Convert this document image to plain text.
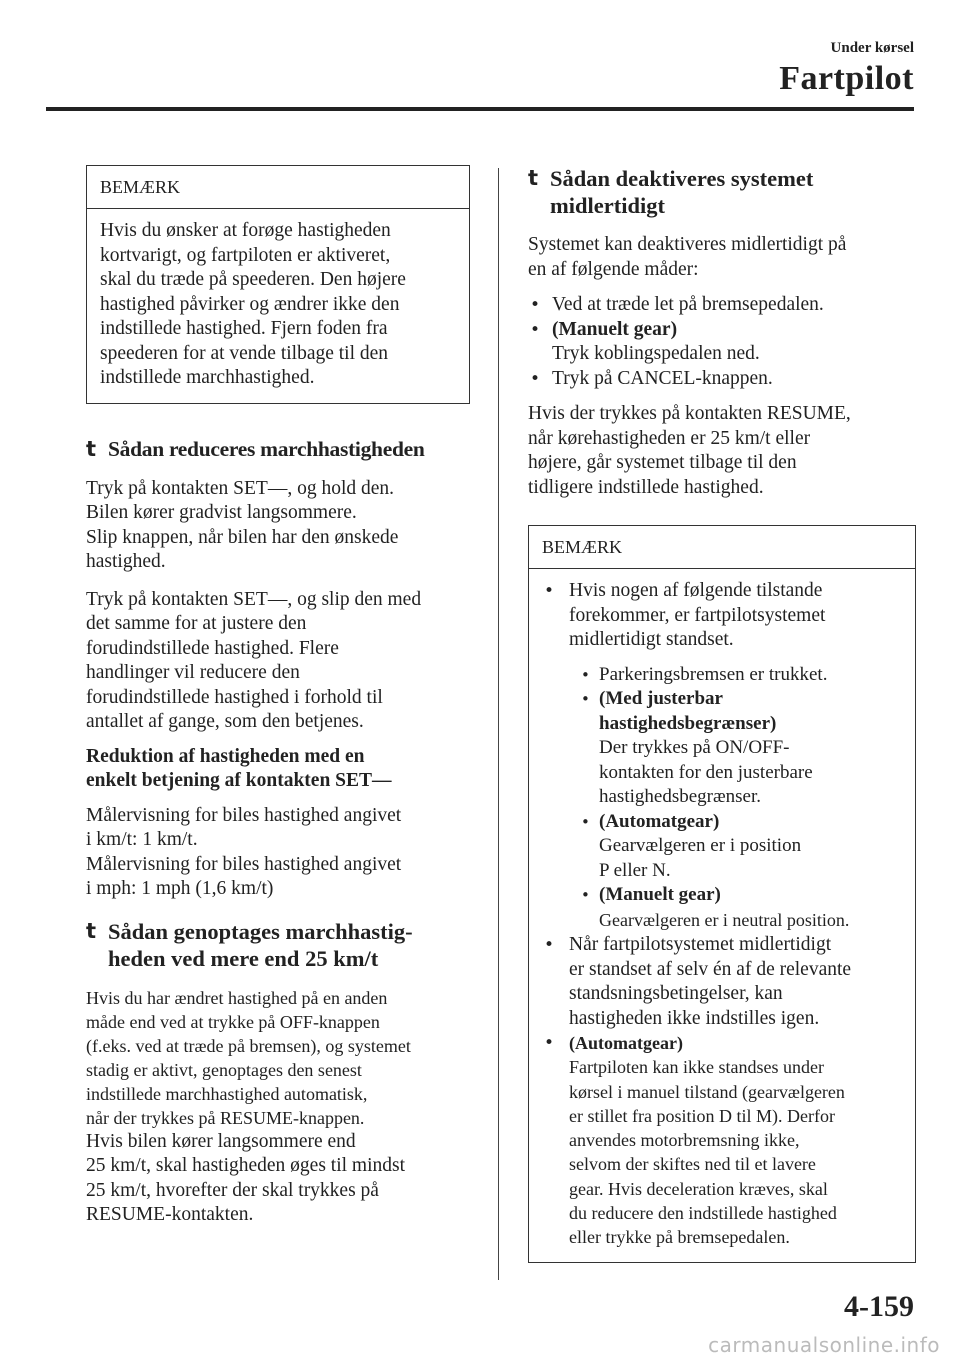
Under kørsel
Fartpilot
BEMÆRK
Hvis du ønsker at forøge hastigheden
kortvarigt, og fartpiloten er aktiveret,
skal du træde på speederen. Den højere
hastighed påvirker og ændrer ikke den
indstillede hastighed. Fjern foden fra
speederen for at vende tilbage til den
indstillede marchhastighed.
t Sådan reduceres marchhastigheden

Tryk på kontakten SET—, og hold den.
Bilen kører gradvist langsommere.
Slip knappen, når bilen har den ønskede
hastighed.

Tryk på kontakten SET—, og slip den med
det samme for at justere den
forudindstillede hastighed. Flere
handlinger vil reducere den
forudindstillede hastighed i forhold til
antallet af gange, som den betjenes.

Reduktion af hastigheden med en
enkelt betjening af kontakten SET—

Målervisning for biles hastighed angivet
i km/t: 1 km/t.
Målervisning for biles hastighed angivet
i mph: 1 mph (1,6 km/t)

t Sådan genoptages marchhastig-
heden ved mere end 25 km/t

Hvis du har ændret hastighed på en anden
måde end ved at trykke på OFF-knappen
(f.eks. ved at træde på bremsen), og systemet
stadig er aktivt, genoptages den senest
indstillede marchhastighed automatisk,
når der trykkes på RESUME-knappen.

Hvis bilen kører langsommere end
25 km/t, skal hastigheden øges til mindst
25 km/t, hvorefter der skal trykkes på
RESUME-kontakten.

t Sådan deaktiveres systemet
midlertidigt

Systemet kan deaktiveres midlertidigt på
en af følgende måder:

• Ved at træde let på bremsepedalen.
• (Manuelt gear)
Tryk koblingspedalen ned.
• Tryk på CANCEL-knappen.

Hvis der trykkes på kontakten RESUME,
når kørehastigheden er 25 km/t eller
højere, går systemet tilbage til den
tidligere indstillede hastighed.

BEMÆRK
• Hvis nogen af følgende tilstande
forekommer, er fartpilotsystemet
midlertidigt standset.
• Parkeringsbremsen er trukket.
• (Med justerbar
hastighedsbegrænser)
Der trykkes på ON/OFF-
kontakten for den justerbare
hastighedsbegrænser.
• (Automatgear)
Gearvælgeren er i position
P eller N.
• (Manuelt gear)
Gearvælgeren er i neutral position.
• Når fartpilotsystemet midlertidigt
er standset af selv én af de relevante
standsningsbetingelser, kan
hastigheden ikke indstilles igen.
• (Automatgear)
Fartpiloten kan ikke standses under
kørsel i manuel tilstand (gearvælgeren
er stillet fra position D til M). Derfor
anvendes motorbremsning ikke,
selvom der skiftes ned til et lavere
gear. Hvis deceleration kræves, skal
du reducere den indstillede hastighed
eller trykke på bremsepedalen.
4-159
carmanualsonline.info
